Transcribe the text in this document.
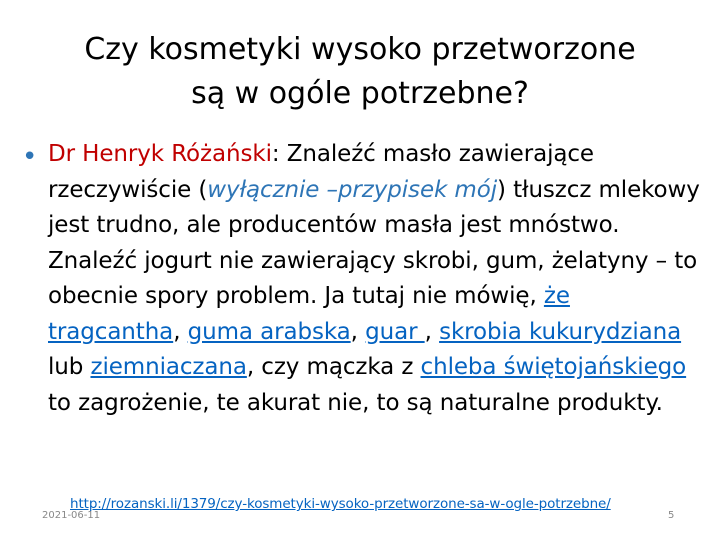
Czy kosmetyki wysoko przetworzone
są w ogóle potrzebne?
• Dr Henryk Różański: Znaleźć masło zawierające rzeczywiście (wyłącznie –przypisek mój) tłuszcz mlekowy jest trudno, ale producentów masła jest mnóstwo. Znaleźć jogurt nie zawierający skrobi, gum, żelatyny – to obecnie spory problem. Ja tutaj nie mówię, że tragcantha, guma arabska, guar , skrobia kukurydziana lub ziemniaczana, czy mączka z chleba świętojańskiego to zagrożenie, te akurat nie, to są naturalne produkty.
http://rozanski.li/1379/czy-kosmetyki-wysoko-przetworzone-sa-w-ogle-potrzebne/
2021-06-11	5
